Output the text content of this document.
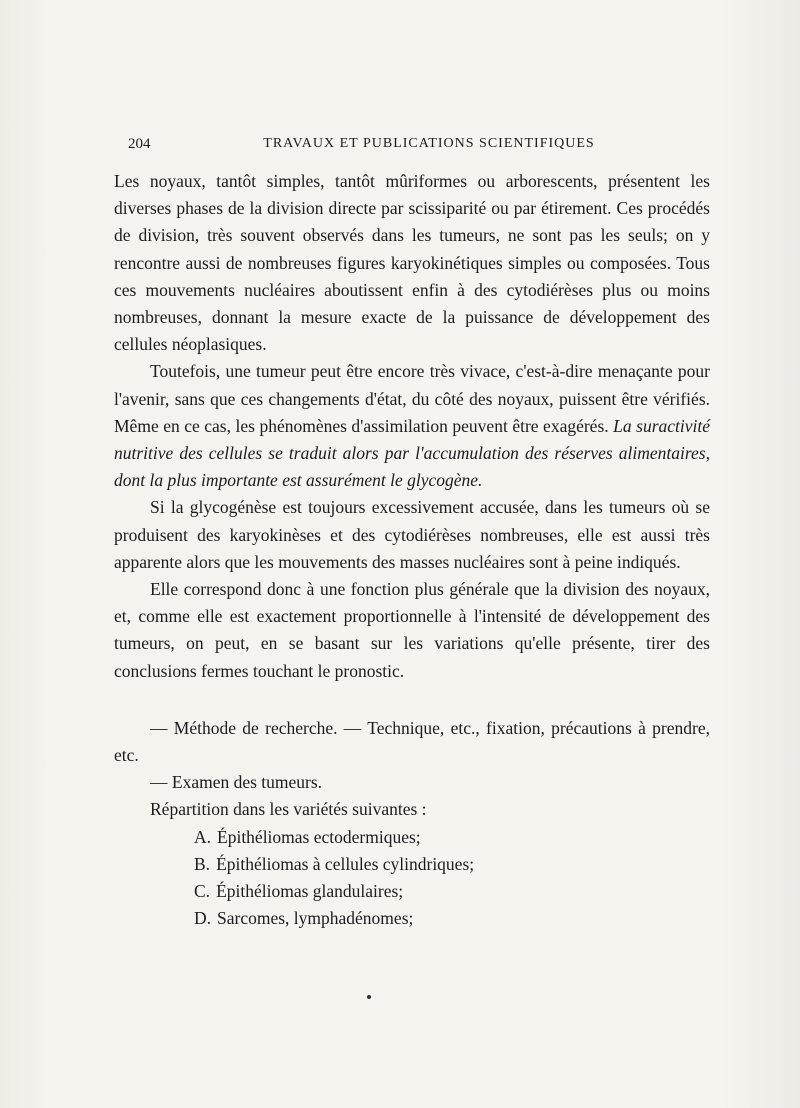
204	TRAVAUX ET PUBLICATIONS SCIENTIFIQUES

Les noyaux, tantôt simples, tantôt mûriformes ou arborescents, présentent les diverses phases de la division directe par scissiparité ou par étirement. Ces procédés de division, très souvent observés dans les tumeurs, ne sont pas les seuls; on y rencontre aussi de nombreuses figures karyokinétiques simples ou composées. Tous ces mouvements nucléaires aboutissent enfin à des cytodiérèses plus ou moins nombreuses, donnant la mesure exacte de la puissance de développement des cellules néoplasiques.

Toutefois, une tumeur peut être encore très vivace, c'est-à-dire menaçante pour l'avenir, sans que ces changements d'état, du côté des noyaux, puissent être vérifiés. Même en ce cas, les phénomènes d'assimilation peuvent être exagérés. La suractivité nutritive des cellules se traduit alors par l'accumulation des réserves alimentaires, dont la plus importante est assurément le glycogène.

Si la glycogénèse est toujours excessivement accusée, dans les tumeurs où se produisent des karyokinèses et des cytodiérèses nombreuses, elle est aussi très apparente alors que les mouvements des masses nucléaires sont à peine indiqués.

Elle correspond donc à une fonction plus générale que la division des noyaux, et, comme elle est exactement proportionnelle à l'intensité de développement des tumeurs, on peut, en se basant sur les variations qu'elle présente, tirer des conclusions fermes touchant le pronostic.

— Méthode de recherche. — Technique, etc., fixation, précautions à prendre, etc.

— Examen des tumeurs.

Répartition dans les variétés suivantes :

A. Épithéliomas ectodermiques;
B. Épithéliomas à cellules cylindriques;
C. Épithéliomas glandulaires;
D. Sarcomes, lymphadénomes;
